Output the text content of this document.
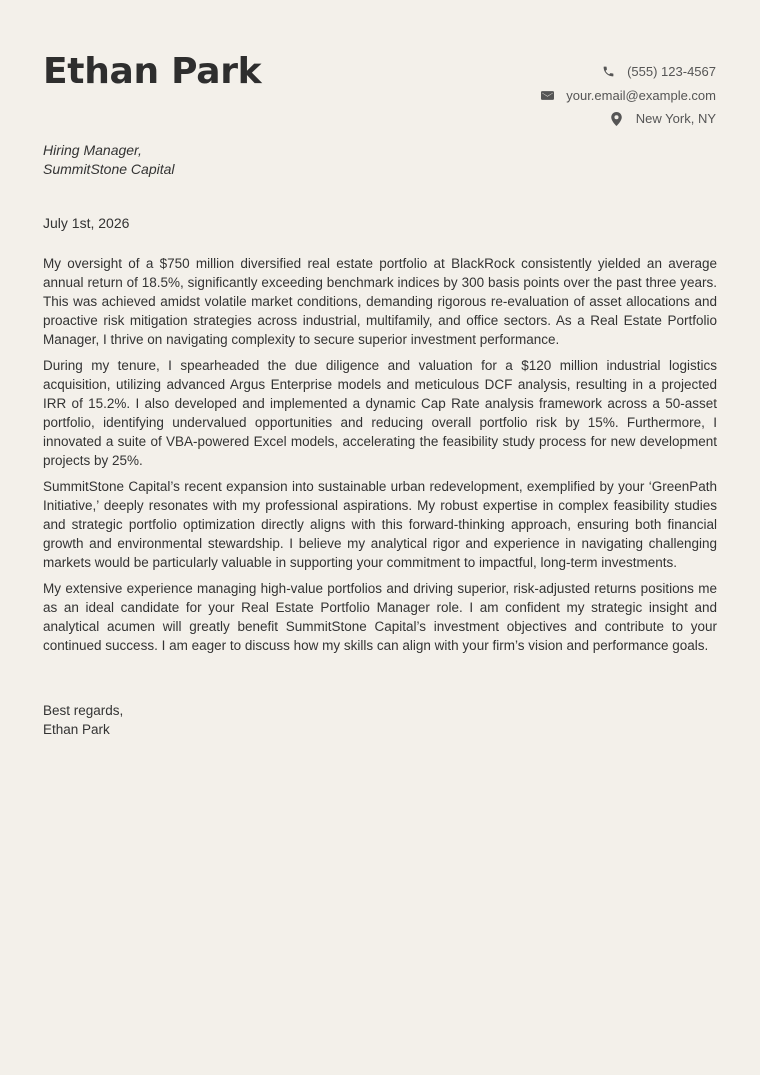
Ethan Park	(555) 123-4567
your.email@example.com
New York, NY
Hiring Manager,
SummitStone Capital
July 1st, 2026

My oversight of a $750 million diversified real estate portfolio at BlackRock consistently yielded an average annual return of 18.5%, significantly exceeding benchmark indices by 300 basis points over the past three years. This was achieved amidst volatile market conditions, demanding rigorous re-evaluation of asset allocations and proactive risk mitigation strategies across industrial, multifamily, and office sectors. As a Real Estate Portfolio Manager, I thrive on navigating complexity to secure superior investment performance.

During my tenure, I spearheaded the due diligence and valuation for a $120 million industrial logistics acquisition, utilizing advanced Argus Enterprise models and meticulous DCF analysis, resulting in a projected IRR of 15.2%. I also developed and implemented a dynamic Cap Rate analysis framework across a 50-asset portfolio, identifying undervalued opportunities and reducing overall portfolio risk by 15%. Furthermore, I innovated a suite of VBA-powered Excel models, accelerating the feasibility study process for new development projects by 25%.

SummitStone Capital’s recent expansion into sustainable urban redevelopment, exemplified by your ‘GreenPath Initiative,’ deeply resonates with my professional aspirations. My robust expertise in complex feasibility studies and strategic portfolio optimization directly aligns with this forward-thinking approach, ensuring both financial growth and environmental stewardship. I believe my analytical rigor and experience in navigating challenging markets would be particularly valuable in supporting your commitment to impactful, long-term investments.

My extensive experience managing high-value portfolios and driving superior, risk-adjusted returns positions me as an ideal candidate for your Real Estate Portfolio Manager role. I am confident my strategic insight and analytical acumen will greatly benefit SummitStone Capital’s investment objectives and contribute to your continued success. I am eager to discuss how my skills can align with your firm’s vision and performance goals.

Best regards,
Ethan Park
